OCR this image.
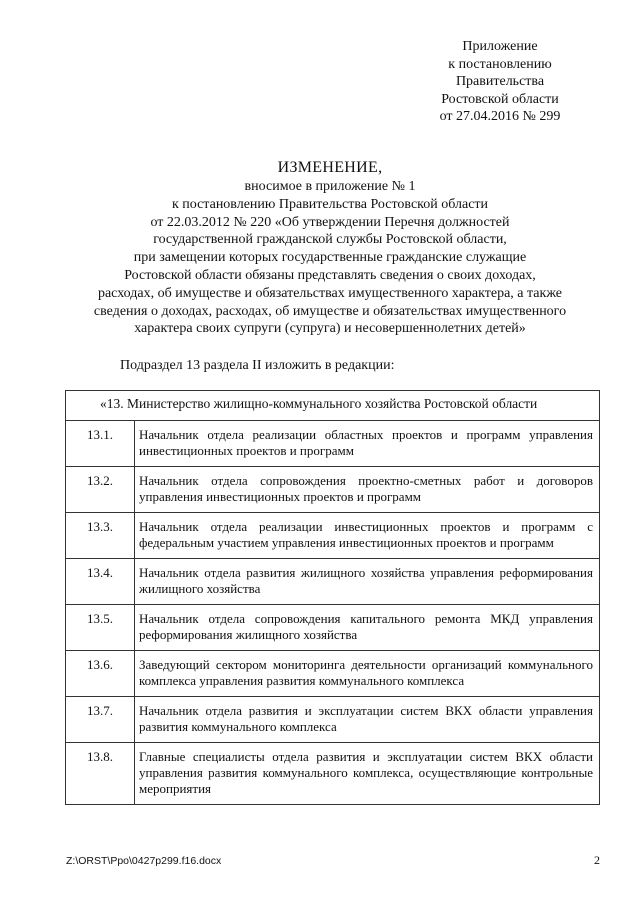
Приложение
к постановлению
Правительства
Ростовской области
от 27.04.2016 № 299
ИЗМЕНЕНИЕ,
вносимое в приложение № 1
к постановлению Правительства Ростовской области
от 22.03.2012 № 220 «Об утверждении Перечня должностей
государственной гражданской службы Ростовской области,
при замещении которых государственные гражданские служащие
Ростовской области обязаны представлять сведения о своих доходах,
расходах, об имуществе и обязательствах имущественного характера, а также
сведения о доходах, расходах, об имуществе и обязательствах имущественного
характера своих супруги (супруга) и несовершеннолетних детей»
Подраздел 13 раздела II изложить в редакции:
«13. Министерство жилищно-коммунального хозяйства Ростовской области	
13.1.	Начальник отдела реализации областных проектов и программ управления инвестиционных проектов и программ
13.2.	Начальник отдела сопровождения проектно-сметных работ и договоров управления инвестиционных проектов и программ
13.3.	Начальник отдела реализации инвестиционных проектов и программ с федеральным участием управления инвестиционных проектов и программ
13.4.	Начальник отдела развития жилищного хозяйства управления реформирования жилищного хозяйства
13.5.	Начальник отдела сопровождения капитального ремонта МКД управления реформирования жилищного хозяйства
13.6.	Заведующий сектором мониторинга деятельности организаций коммунального комплекса управления развития коммунального комплекса
13.7.	Начальник отдела развития и эксплуатации систем ВКХ области управления развития коммунального комплекса
13.8.	Главные специалисты отдела развития и эксплуатации систем ВКХ области управления развития коммунального комплекса, осуществляющие контрольные мероприятия
Z:\ORST\Ppo\0427p299.f16.docx	2
